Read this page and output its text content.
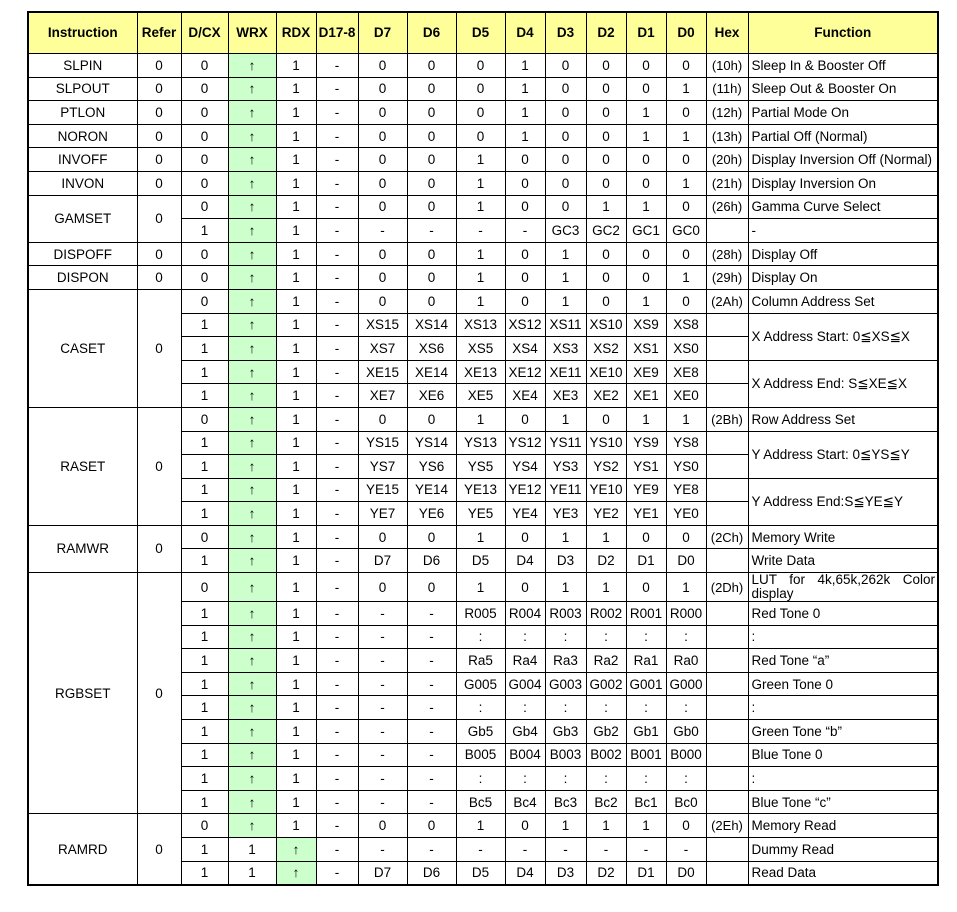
Instruction	Refer	D/CX	WRX	RDX	D17-8	D7	D6	D5	D4	D3	D2	D1	D0	Hex	Function
SLPIN	0	0	↑	1	-	0	0	0	1	0	0	0	0	(10h)	Sleep In & Booster Off
SLPOUT	0	0	↑	1	-	0	0	0	1	0	0	0	1	(11h)	Sleep Out & Booster On
PTLON	0	0	↑	1	-	0	0	0	1	0	0	1	0	(12h)	Partial Mode On
NORON	0	0	↑	1	-	0	0	0	1	0	0	1	1	(13h)	Partial Off (Normal)
INVOFF	0	0	↑	1	-	0	0	1	0	0	0	0	0	(20h)	Display Inversion Off (Normal)
INVON	0	0	↑	1	-	0	0	1	0	0	0	0	1	(21h)	Display Inversion On
GAMSET	0	0	↑	1	-	0	0	1	0	0	1	1	0	(26h)	Gamma Curve Select
		1	↑	1	-	-	-	-	-	GC3	GC2	GC1	GC0		-
DISPOFF	0	0	↑	1	-	0	0	1	0	1	0	0	0	(28h)	Display Off
DISPON	0	0	↑	1	-	0	0	1	0	1	0	0	1	(29h)	Display On
CASET	0	0	↑	1	-	0	0	1	0	1	0	1	0	(2Ah)	Column Address Set
		1	↑	1	-	XS15	XS14	XS13	XS12	XS11	XS10	XS9	XS8		X Address Start: 0≦XS≦X
		1	↑	1	-	XS7	XS6	XS5	XS4	XS3	XS2	XS1	XS0		
		1	↑	1	-	XE15	XE14	XE13	XE12	XE11	XE10	XE9	XE8		X Address End: S≦XE≦X
		1	↑	1	-	XE7	XE6	XE5	XE4	XE3	XE2	XE1	XE0		
RASET	0	0	↑	1	-	0	0	1	0	1	0	1	1	(2Bh)	Row Address Set
		1	↑	1	-	YS15	YS14	YS13	YS12	YS11	YS10	YS9	YS8		Y Address Start: 0≦YS≦Y
		1	↑	1	-	YS7	YS6	YS5	YS4	YS3	YS2	YS1	YS0		
		1	↑	1	-	YE15	YE14	YE13	YE12	YE11	YE10	YE9	YE8		Y Address End:S≦YE≦Y
		1	↑	1	-	YE7	YE6	YE5	YE4	YE3	YE2	YE1	YE0		
RAMWR	0	0	↑	1	-	0	0	1	0	1	1	0	0	(2Ch)	Memory Write
		1	↑	1	-	D7	D6	D5	D4	D3	D2	D1	D0		Write Data
RGBSET	0	0	↑	1	-	0	0	1	0	1	1	0	1	(2Dh)	LUT for 4k,65k,262k Color display
		1	↑	1	-	-	-	R005	R004	R003	R002	R001	R000		Red Tone 0
		1	↑	1	-	-	-	:	:	:	:	:	:		:
		1	↑	1	-	-	-	Ra5	Ra4	Ra3	Ra2	Ra1	Ra0		Red Tone “a”
		1	↑	1	-	-	-	G005	G004	G003	G002	G001	G000		Green Tone 0
		1	↑	1	-	-	-	:	:	:	:	:	:		:
		1	↑	1	-	-	-	Gb5	Gb4	Gb3	Gb2	Gb1	Gb0		Green Tone “b”
		1	↑	1	-	-	-	B005	B004	B003	B002	B001	B000		Blue Tone 0
		1	↑	1	-	-	-	:	:	:	:	:	:		:
		1	↑	1	-	-	-	Bc5	Bc4	Bc3	Bc2	Bc1	Bc0		Blue Tone “c”
RAMRD	0	0	↑	1	-	0	0	1	0	1	1	1	0	(2Eh)	Memory Read
		1	1	↑	-	-	-	-	-	-	-	-	-		Dummy Read
		1	1	↑	-	D7	D6	D5	D4	D3	D2	D1	D0		Read Data
